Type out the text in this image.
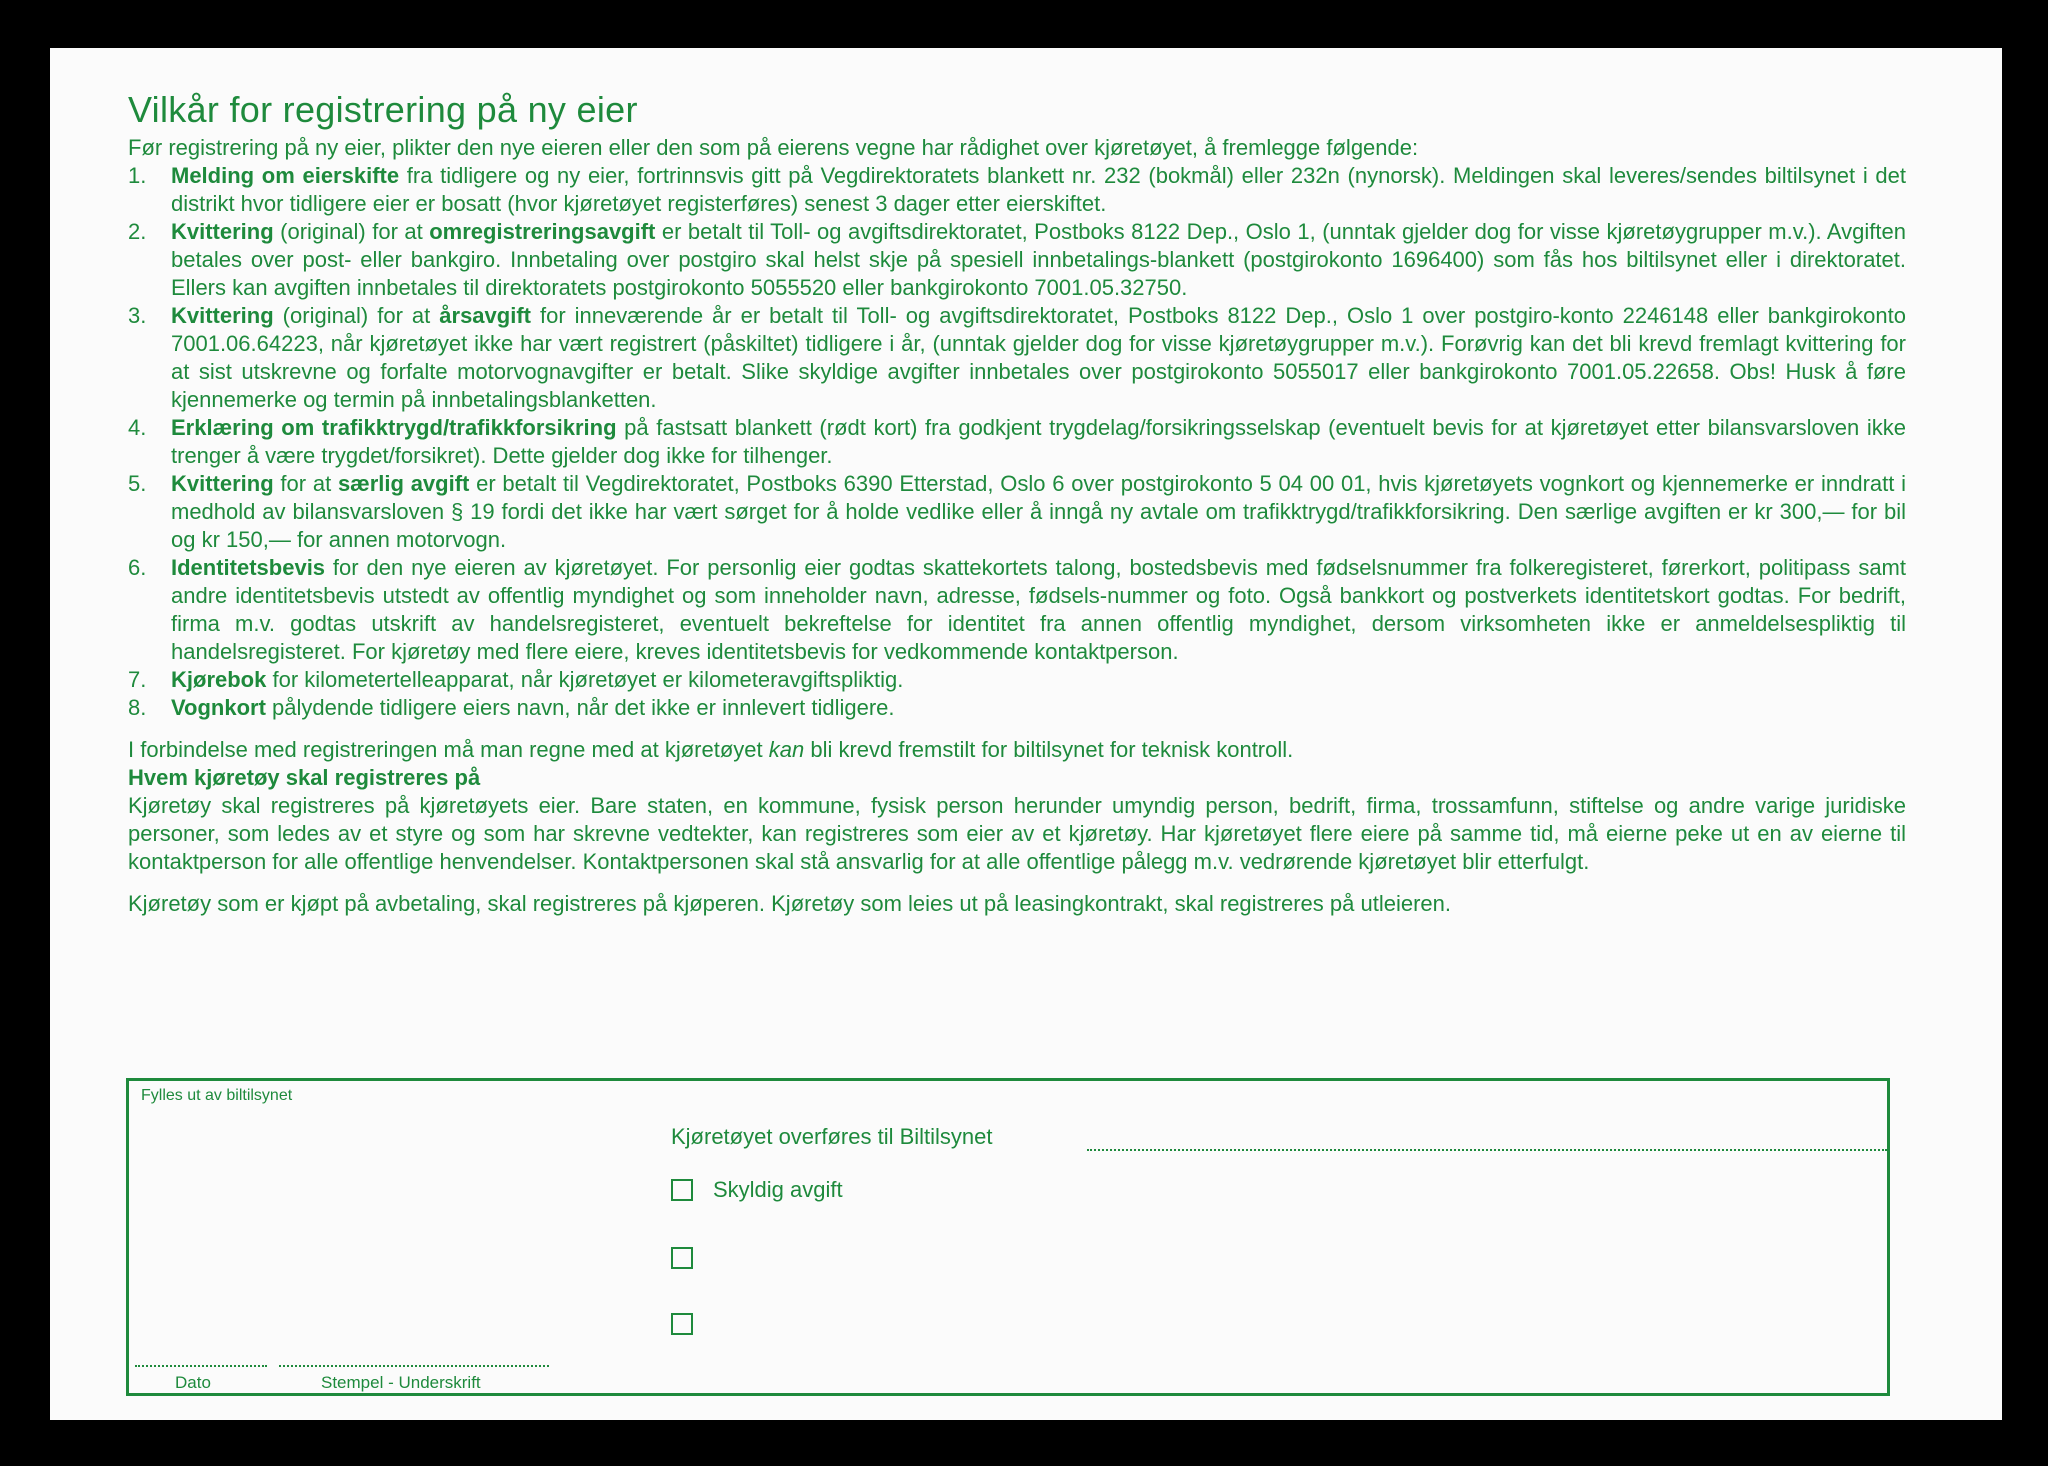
Vilkår for registrering på ny eier

Før registrering på ny eier, plikter den nye eieren eller den som på eierens vegne har rådighet over kjøretøyet, å fremlegge følgende:

1. Melding om eierskifte fra tidligere og ny eier, fortrinnsvis gitt på Vegdirektoratets blankett nr. 232 (bokmål) eller 232n (nynorsk). Meldingen skal leveres/sendes biltilsynet i det distrikt hvor tidligere eier er bosatt (hvor kjøretøyet registerføres) senest 3 dager etter eierskiftet.
2. Kvittering (original) for at omregistreringsavgift er betalt til Toll- og avgiftsdirektoratet, Postboks 8122 Dep., Oslo 1, (unntak gjelder dog for visse kjøretøygrupper m.v.). Avgiften betales over post- eller bankgiro. Innbetaling over postgiro skal helst skje på spesiell innbetalings-blankett (postgirokonto 1696400) som fås hos biltilsynet eller i direktoratet. Ellers kan avgiften innbetales til direktoratets postgirokonto 5055520 eller bankgirokonto 7001.05.32750.
3. Kvittering (original) for at årsavgift for inneværende år er betalt til Toll- og avgiftsdirektoratet, Postboks 8122 Dep., Oslo 1 over postgiro-konto 2246148 eller bankgirokonto 7001.06.64223, når kjøretøyet ikke har vært registrert (påskiltet) tidligere i år, (unntak gjelder dog for visse kjøretøygrupper m.v.). Forøvrig kan det bli krevd fremlagt kvittering for at sist utskrevne og forfalte motorvognavgifter er betalt. Slike skyldige avgifter innbetales over postgirokonto 5055017 eller bankgirokonto 7001.05.22658. Obs! Husk å føre kjennemerke og termin på innbetalingsblanketten.
4. Erklæring om trafikktrygd/trafikkforsikring på fastsatt blankett (rødt kort) fra godkjent trygdelag/forsikringsselskap (eventuelt bevis for at kjøretøyet etter bilansvarsloven ikke trenger å være trygdet/forsikret). Dette gjelder dog ikke for tilhenger.
5. Kvittering for at særlig avgift er betalt til Vegdirektoratet, Postboks 6390 Etterstad, Oslo 6 over postgirokonto 5 04 00 01, hvis kjøretøyets vognkort og kjennemerke er inndratt i medhold av bilansvarsloven § 19 fordi det ikke har vært sørget for å holde vedlike eller å inngå ny avtale om trafikktrygd/trafikkforsikring. Den særlige avgiften er kr 300,— for bil og kr 150,— for annen motorvogn.
6. Identitetsbevis for den nye eieren av kjøretøyet. For personlig eier godtas skattekortets talong, bostedsbevis med fødselsnummer fra folkeregisteret, førerkort, politipass samt andre identitetsbevis utstedt av offentlig myndighet og som inneholder navn, adresse, fødsels-nummer og foto. Også bankkort og postverkets identitetskort godtas. For bedrift, firma m.v. godtas utskrift av handelsregisteret, eventuelt bekreftelse for identitet fra annen offentlig myndighet, dersom virksomheten ikke er anmeldelsespliktig til handelsregisteret. For kjøretøy med flere eiere, kreves identitetsbevis for vedkommende kontaktperson.
7. Kjørebok for kilometertelleapparat, når kjøretøyet er kilometeravgiftspliktig.
8. Vognkort pålydende tidligere eiers navn, når det ikke er innlevert tidligere.

I forbindelse med registreringen må man regne med at kjøretøyet kan bli krevd fremstilt for biltilsynet for teknisk kontroll.

Hvem kjøretøy skal registreres på

Kjøretøy skal registreres på kjøretøyets eier. Bare staten, en kommune, fysisk person herunder umyndig person, bedrift, firma, trossamfunn, stiftelse og andre varige juridiske personer, som ledes av et styre og som har skrevne vedtekter, kan registreres som eier av et kjøretøy. Har kjøretøyet flere eiere på samme tid, må eierne peke ut en av eierne til kontaktperson for alle offentlige henvendelser. Kontaktpersonen skal stå ansvarlig for at alle offentlige pålegg m.v. vedrørende kjøretøyet blir etterfulgt.

Kjøretøy som er kjøpt på avbetaling, skal registreres på kjøperen. Kjøretøy som leies ut på leasingkontrakt, skal registreres på utleieren.

Fylles ut av biltilsynet
Kjøretøyet overføres til Biltilsynet
Skyldig avgift
Dato	Stempel - Underskrift
